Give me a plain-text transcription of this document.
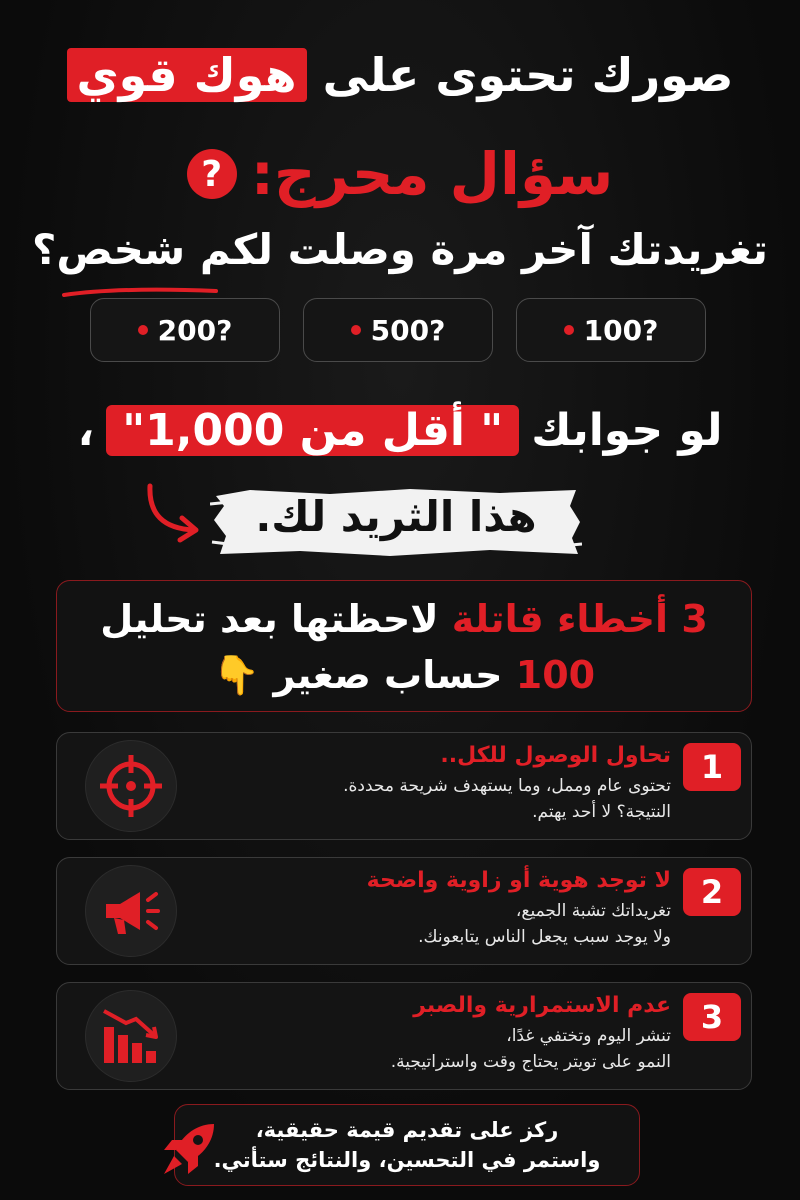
صورك تحتوى على هوك قوي
سؤال محرج:
?
تغريدتك آخر مرة وصلت لكم شخص؟
100?
500?
200?
لو جوابك
" أقل من 1,000"
،
هذا الثريد لك.
3 أخطاء قاتلة لاحظتها بعد تحليل
100 حساب صغير 👇
1
تحاول الوصول للكل..
تحتوى عام وممل، وما يستهدف شريحة محددة.
النتيجة؟ لا أحد يهتم.
2
لا توجد هوية أو زاوية واضحة
تغريداتك تشبة الجميع،
ولا يوجد سبب يجعل الناس يتابعونك.
3
عدم الاستمرارية والصبر
تنشر اليوم وتختفي غدًا،
النمو على تويتر يحتاج وقت واستراتيجية.
ركز على تقديم قيمة حقيقية،
واستمر في التحسين، والنتائج ستأتي.
